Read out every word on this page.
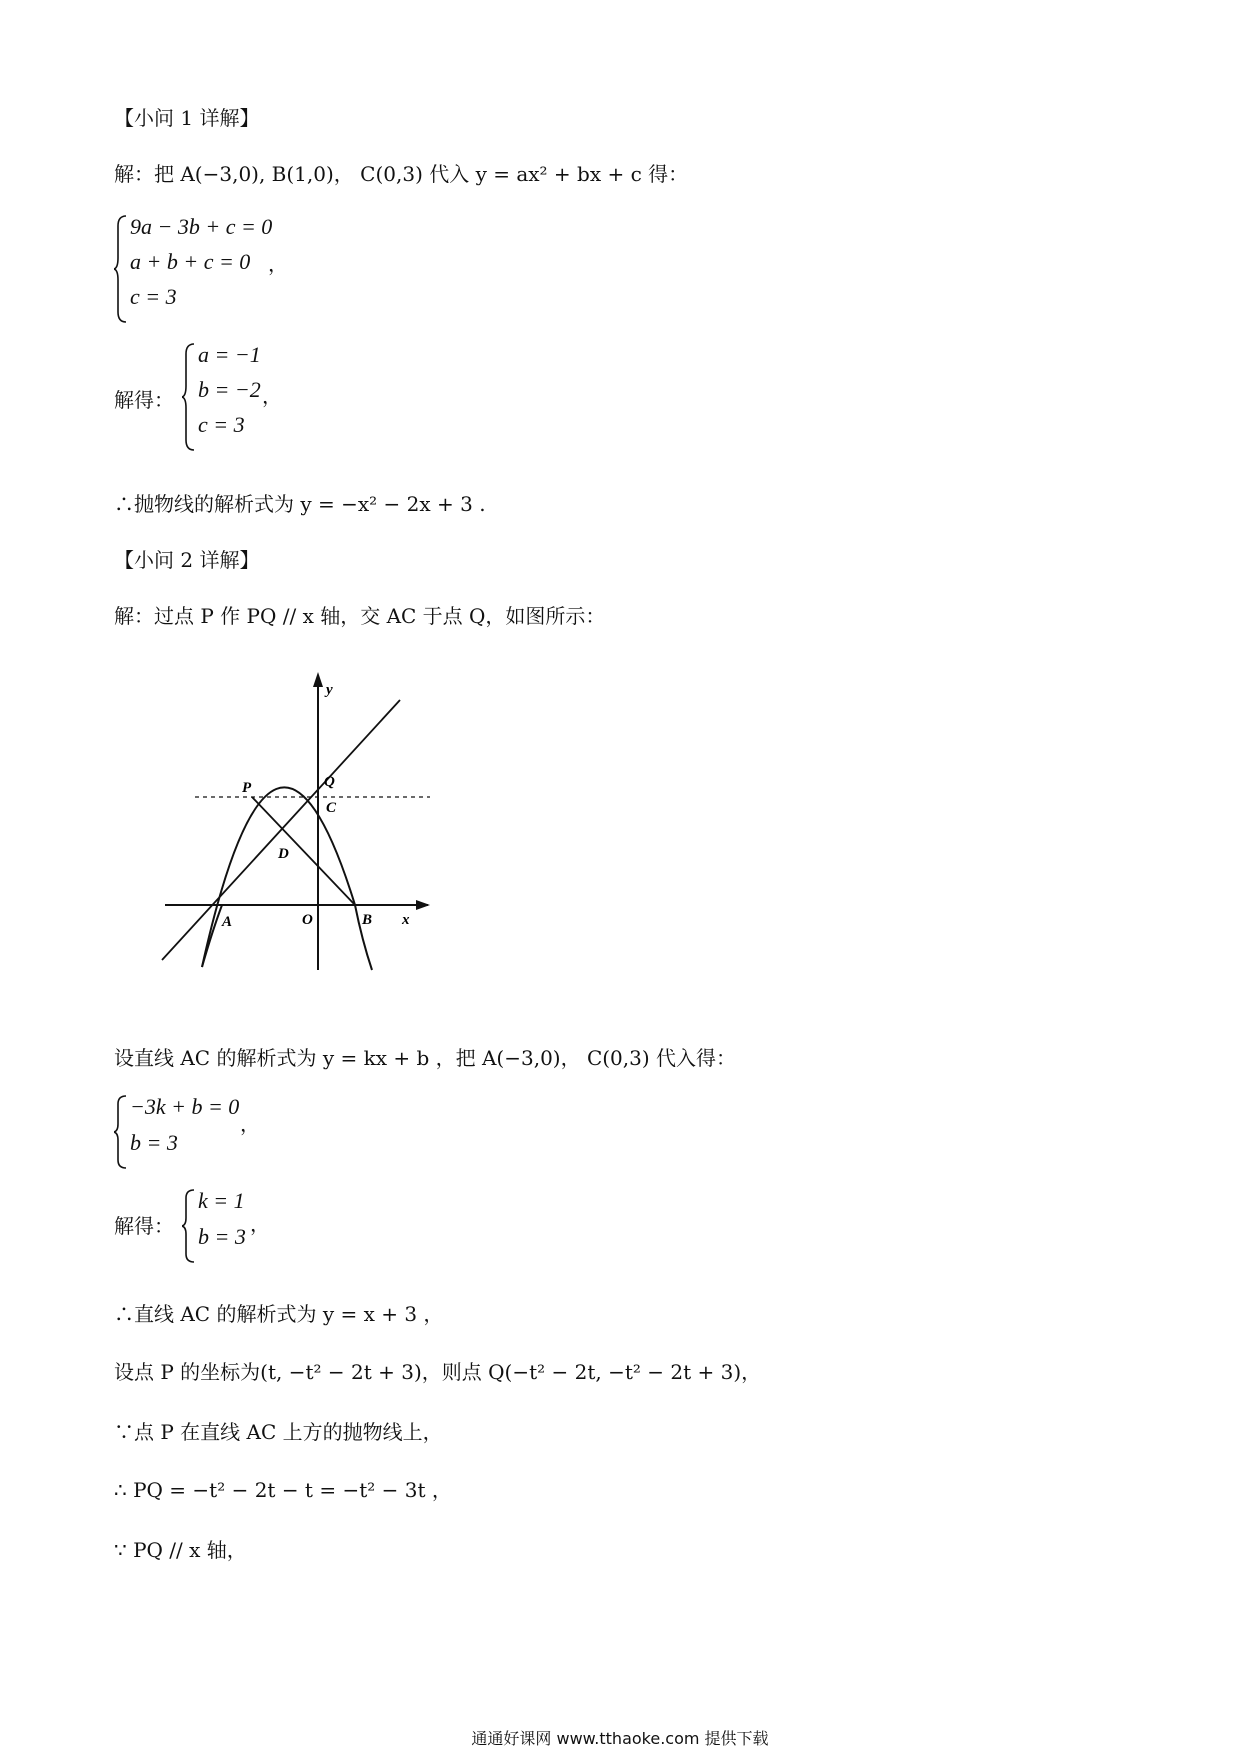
【小问 1 详解】
解：把 A(−3,0), B(1,0)， C(0,3) 代入 y = ax² + bx + c 得：
9a − 3b + c = 0
a + b + c = 0
c = 3
，
解得：
a = −1
b = −2
c = 3
，
∴抛物线的解析式为 y = −x² − 2x + 3 .
【小问 2 详解】
解：过点 P 作 PQ // x 轴，交 AC 于点 Q，如图所示：
y
x
P	Q
C
D
A	O	B
设直线 AC 的解析式为 y = kx + b ，把 A(−3,0)， C(0,3) 代入得：
−3k + b = 0
b = 3
，
解得：
k = 1
b = 3 ，
∴直线 AC 的解析式为 y = x + 3 ，
设点 P 的坐标为(t, −t² − 2t + 3)，则点 Q(−t² − 2t, −t² − 2t + 3)，
∵点 P 在直线 AC 上方的抛物线上，
∴ PQ = −t² − 2t − t = −t² − 3t ，
∵ PQ // x 轴，
通通好课网 www.tthaoke.com 提供下载
